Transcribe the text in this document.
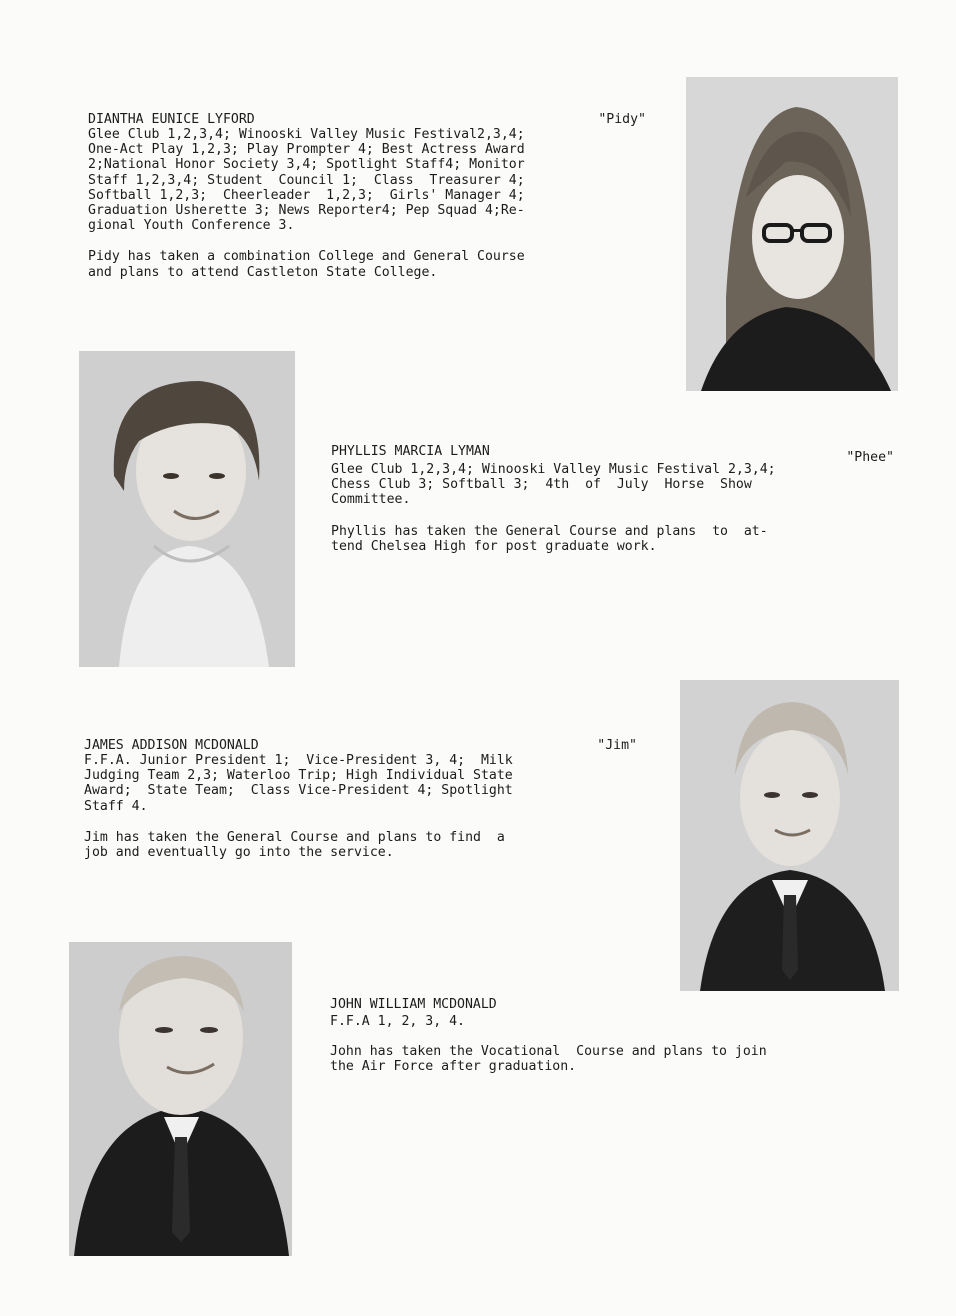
DIANTHA EUNICE LYFORD	"Pidy"

Glee Club 1,2,3,4; Winooski Valley Music Festival2,3,4;
One-Act Play 1,2,3; Play Prompter 4; Best Actress Award
2;National Honor Society 3,4; Spotlight Staff4; Monitor
Staff 1,2,3,4; Student  Council 1;  Class  Treasurer 4;
Softball 1,2,3;  Cheerleader  1,2,3;  Girls' Manager 4;
Graduation Usherette 3; News Reporter4; Pep Squad 4;Re-
gional Youth Conference 3.

Pidy has taken a combination College and General Course
and plans to attend Castleton State College.

PHYLLIS MARCIA LYMAN	"Phee"

Glee Club 1,2,3,4; Winooski Valley Music Festival 2,3,4;
Chess Club 3; Softball 3;  4th  of  July  Horse  Show
Committee.

Phyllis has taken the General Course and plans  to  at-
tend Chelsea High for post graduate work.

JAMES ADDISON MCDONALD	"Jim"

F.F.A. Junior President 1;  Vice-President 3, 4;  Milk
Judging Team 2,3; Waterloo Trip; High Individual State
Award;  State Team;  Class Vice-President 4; Spotlight
Staff 4.

Jim has taken the General Course and plans to find  a
job and eventually go into the service.

JOHN WILLIAM MCDONALD

F.F.A 1, 2, 3, 4.

John has taken the Vocational  Course and plans to join
the Air Force after graduation.
